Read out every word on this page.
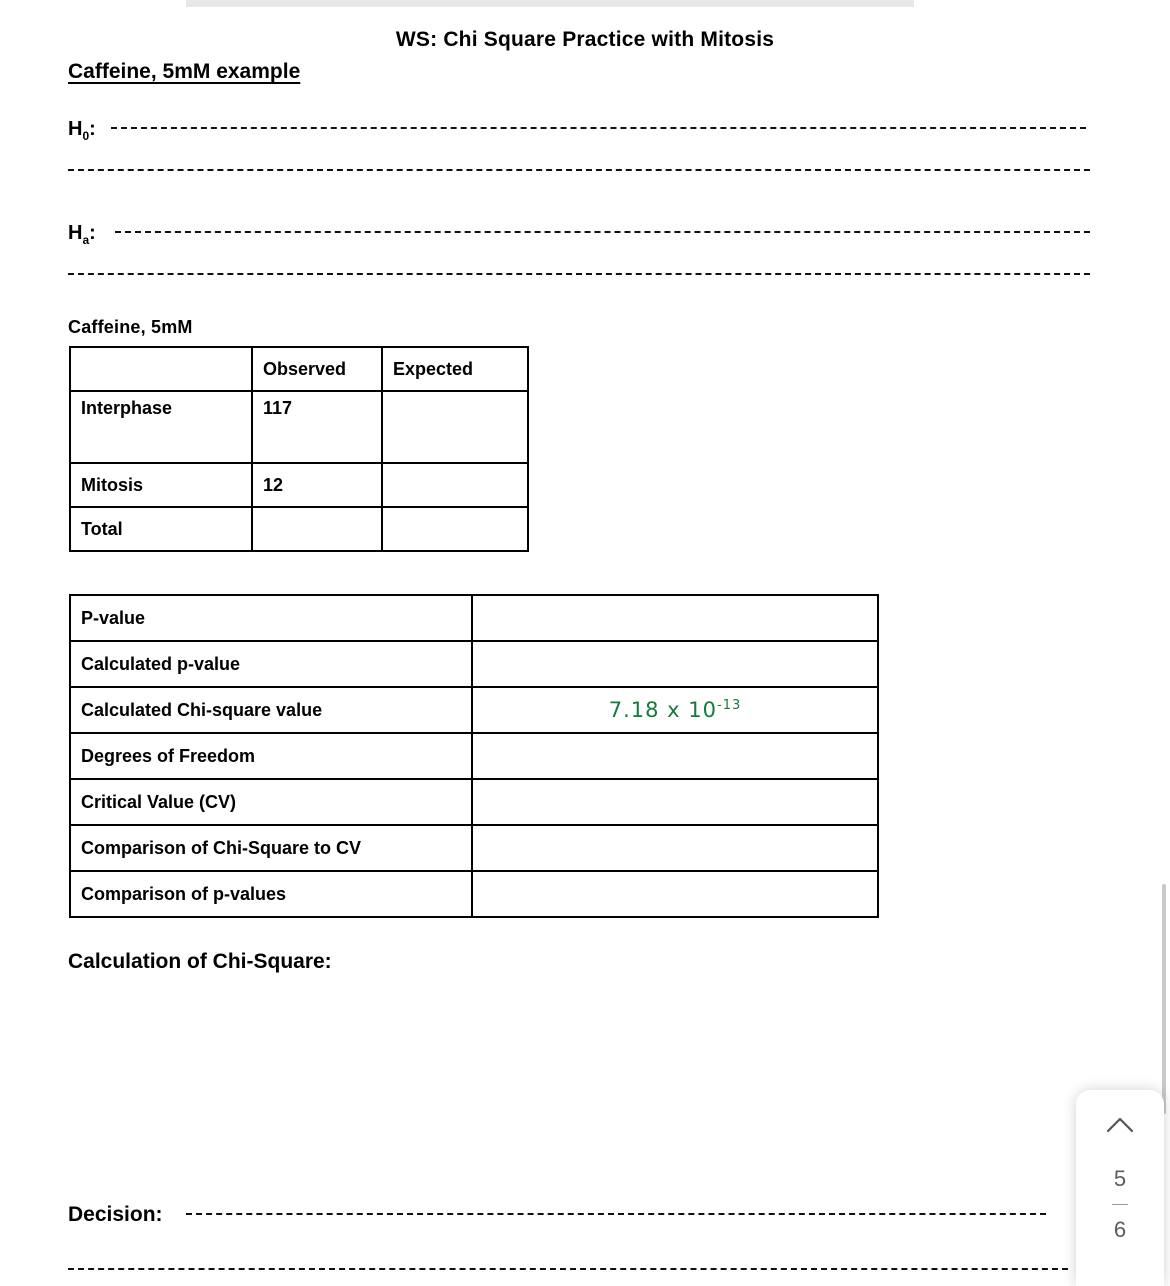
WS: Chi Square Practice with Mitosis
Caffeine, 5mM example
$H_0$:
$H_a$:
Caffeine, 5mM
	Observed	Expected
Interphase	117	
Mitosis	12	
Total		
P-value	
Calculated p-value	
Calculated Chi-square value	7.18 x $10^{-13}$
Degrees of Freedom	
Critical Value (CV)	
Comparison of Chi-Square to CV	
Comparison of p-values	
Calculation of Chi-Square:
Decision:
5
6
